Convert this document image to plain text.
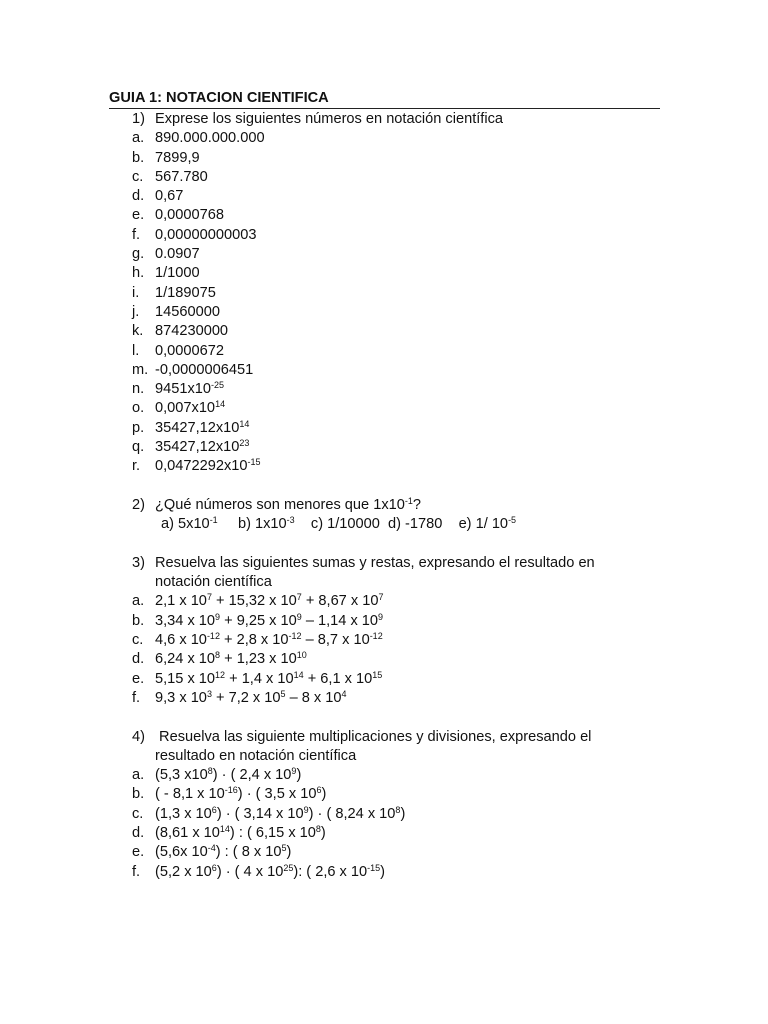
GUIA 1: NOTACION CIENTIFICA
1) Exprese los siguientes números en notación científica
a. 890.000.000.000
b. 7899,9
c. 567.780
d. 0,67
e. 0,0000768
f. 0,00000000003
g. 0.0907
h. 1/1000
i. 1/189075
j. 14560000
k. 874230000
l. 0,0000672
m. -0,0000006451
n. $9451x10^{-25}$
o. $0,007x10^{14}$
p. $35427,12x10^{14}$
q. $35427,12x10^{23}$
r. $0,0472292x10^{-15}$
2) ¿Qué números son menores que $1x10^{-1}$?
a) $5x10^{-1}$ b) $1x10^{-3}$ c) 1/10000 d) -1780 e) 1/ $10^{-5}$
3) Resuelva las siguientes sumas y restas, expresando el resultado en
notación científica
a. 2,1 x $10^7 + 15,32$ x $10^7 + 8,67$ x $10^7$
b. 3,34 x $10^9 + 9,25$ x $10^9 - 1,14$ x $10^9$
c. 4,6 x $10^{-12} + 2,8$ x $10^{-12} - 8,7$ x $10^{-12}$
d. 6,24 x $10^8 + 1,23$ x $10^{10}$
e. 5,15 x $10^{12} + 1,4$ x $10^{14} + 6,1$ x $10^{15}$
f. 9,3 x $10^3 + 7,2$ x $10^5 - 8$ x $10^4$
4) Resuelva las siguiente multiplicaciones y divisiones, expresando el
resultado en notación científica
a. (5,3 $x10^8$) · ( 2,4 x $10^9$)
b. ( - 8,1 x $10^{-16}$) · ( 3,5 x $10^6$)
c. (1,3 x $10^6$) · ( 3,14 x $10^9$) · ( 8,24 x $10^8$)
d. (8,61 x $10^{14}$) : ( 6,15 x $10^8$)
e. (5,6x $10^{-4}$) : ( 8 x $10^5$)
f. (5,2 x $10^6$) · ( 4 x $10^{25}$): ( 2,6 x $10^{-15}$)
